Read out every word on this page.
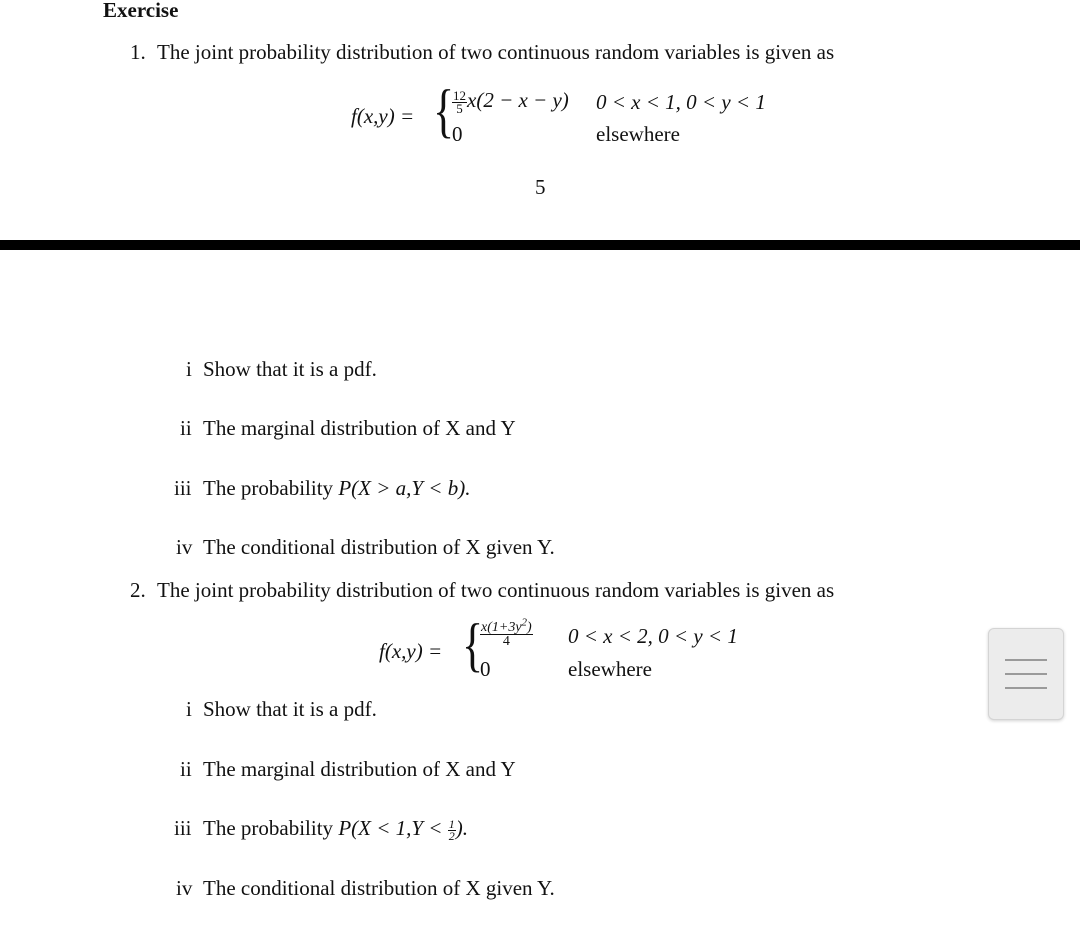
Exercise
1. The joint probability distribution of two continuous random variables is given as
f(x,y) = {
$\frac{12}{5} x(2 - x - y) 0 < x < 1$, 0 < y < 1
0	elsewhere
5
i Show that it is a pdf.
ii The marginal distribution of X and Y
iii The probability P(X > a,Y < b).
iv The conditional distribution of X given Y.
2. The joint probability distribution of two continuous random variables is given as
f(x,y) = {
$\frac{x(1+3y^2)}{4} 0 < x < 2$, 0 < y < 1
0	elsewhere
i Show that it is a pdf.
ii The marginal distribution of X and Y
iii The probability $P(X < 1,Y < \frac{1}{2}$ ).
iv The conditional distribution of X given Y.
